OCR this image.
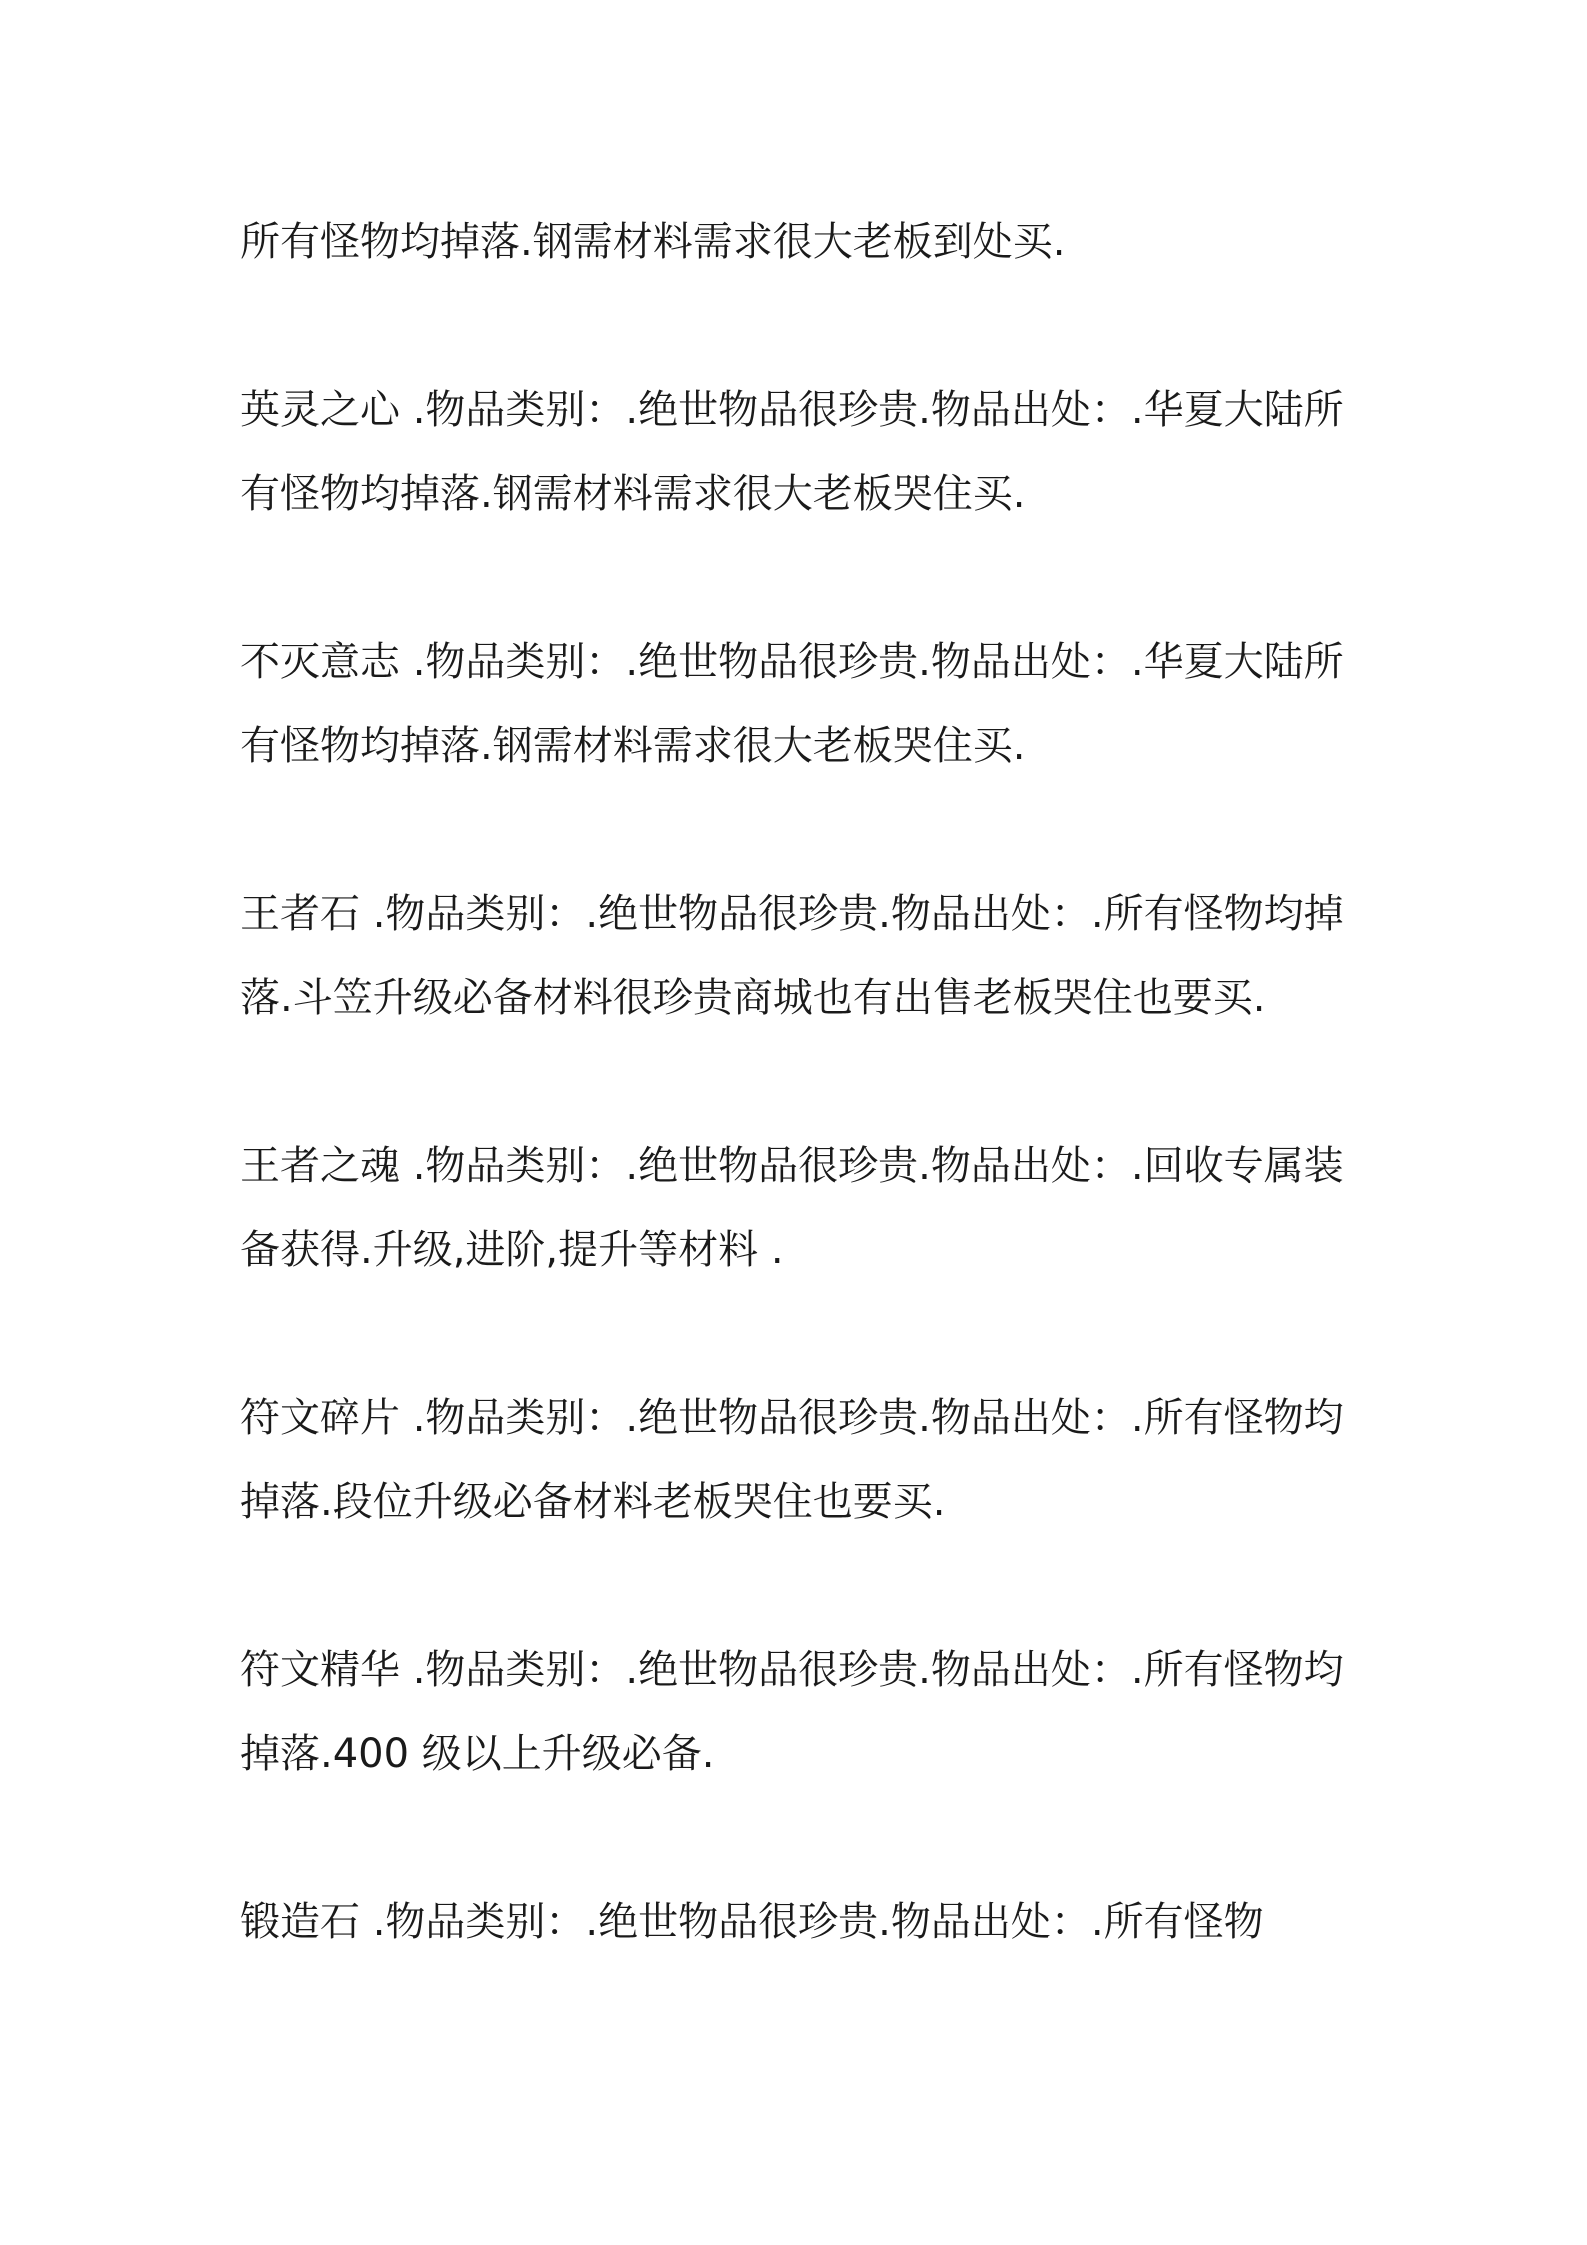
所有怪物均掉落.钢需材料需求很大老板到处买.

英灵之心 .物品类别：.绝世物品很珍贵.物品出处：.华夏大陆所有怪物均掉落.钢需材料需求很大老板哭住买.

不灭意志 .物品类别：.绝世物品很珍贵.物品出处：.华夏大陆所有怪物均掉落.钢需材料需求很大老板哭住买.

王者石 .物品类别：.绝世物品很珍贵.物品出处：.所有怪物均掉落.斗笠升级必备材料很珍贵商城也有出售老板哭住也要买.

王者之魂 .物品类别：.绝世物品很珍贵.物品出处：.回收专属装备获得.升级,进阶,提升等材料 .

符文碎片 .物品类别：.绝世物品很珍贵.物品出处：.所有怪物均掉落.段位升级必备材料老板哭住也要买.

符文精华 .物品类别：.绝世物品很珍贵.物品出处：.所有怪物均掉落.400 级以上升级必备.

锻造石 .物品类别：.绝世物品很珍贵.物品出处：.所有怪物
